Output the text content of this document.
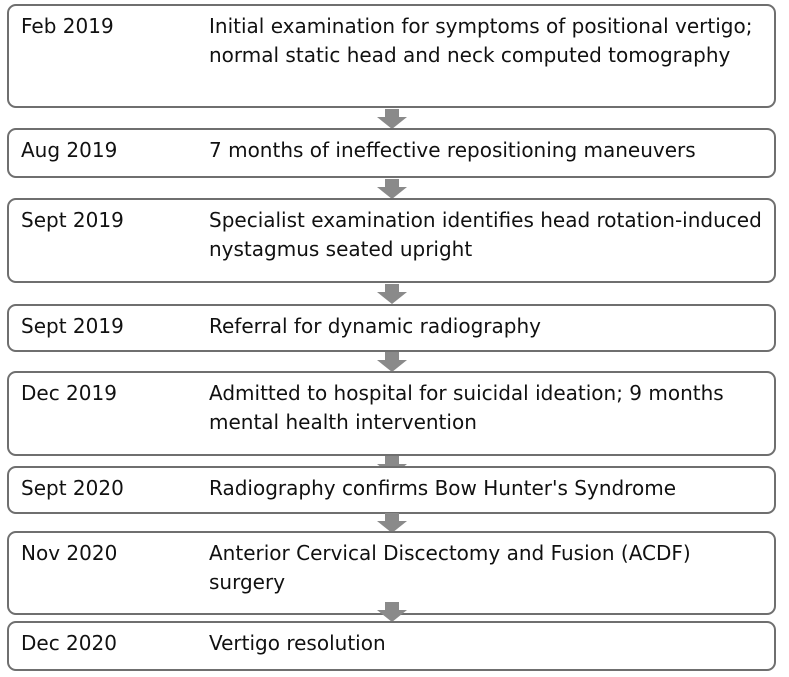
Feb 2019	Initial examination for symptoms of positional vertigo; normal static head and neck computed tomography
Aug 2019	7 months of ineffective repositioning maneuvers
Sept 2019	Specialist examination identifies head rotation-induced nystagmus seated upright
Sept 2019	Referral for dynamic radiography
Dec 2019	Admitted to hospital for suicidal ideation; 9 months mental health intervention
Sept 2020	Radiography confirms Bow Hunter's Syndrome
Nov 2020	Anterior Cervical Discectomy and Fusion (ACDF) surgery
Dec 2020	Vertigo resolution
